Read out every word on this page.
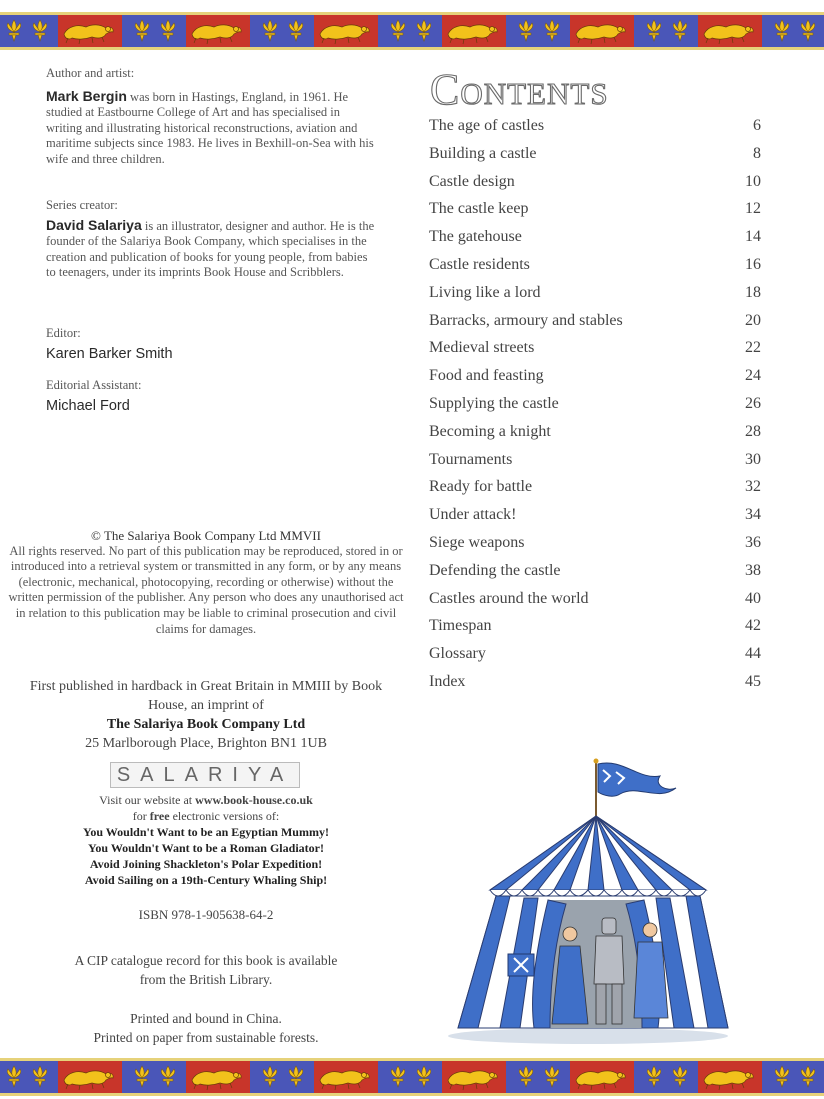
Author and artist:
Mark Bergin was born in Hastings, England, in 1961. He studied at Eastbourne College of Art and has specialised in writing and illustrating historical reconstructions, aviation and maritime subjects since 1983. He lives in Bexhill-on-Sea with his wife and three children.
Series creator:
David Salariya is an illustrator, designer and author. He is the founder of the Salariya Book Company, which specialises in the creation and publication of books for young people, from babies to teenagers, under its imprints Book House and Scribblers.
Editor:
Karen Barker Smith
Editorial Assistant:
Michael Ford
© The Salariya Book Company Ltd MMVII
All rights reserved. No part of this publication may be reproduced, stored in or introduced into a retrieval system or transmitted in any form, or by any means (electronic, mechanical, photocopying, recording or otherwise) without the written permission of the publisher. Any person who does any unauthorised act in relation to this publication may be liable to criminal prosecution and civil claims for damages.
First published in hardback in Great Britain in MMIII by Book House, an imprint of
The Salariya Book Company Ltd
25 Marlborough Place, Brighton BN1 1UB
SALARIYA
Visit our website at www.book-house.co.uk
for free electronic versions of:
You Wouldn't Want to be an Egyptian Mummy!
You Wouldn't Want to be a Roman Gladiator!
Avoid Joining Shackleton's Polar Expedition!
Avoid Sailing on a 19th-Century Whaling Ship!
ISBN 978-1-905638-64-2
A CIP catalogue record for this book is available
from the British Library.
Printed and bound in China.
Printed on paper from sustainable forests.
Contents
The age of castles	6
Building a castle	8
Castle design	10
The castle keep	12
The gatehouse	14
Castle residents	16
Living like a lord	18
Barracks, armoury and stables	20
Medieval streets	22
Food and feasting	24
Supplying the castle	26
Becoming a knight	28
Tournaments	30
Ready for battle	32
Under attack!	34
Siege weapons	36
Defending the castle	38
Castles around the world	40
Timespan	42
Glossary	44
Index	45
